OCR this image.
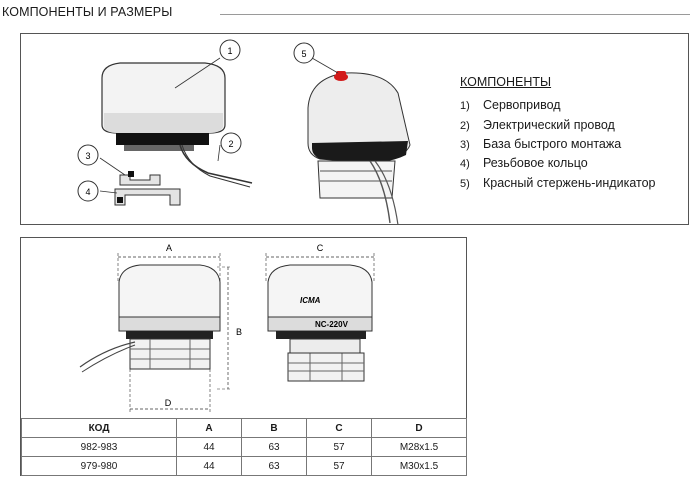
КОМПОНЕНТЫ И РАЗМЕРЫ
1
2
3
4
5
КОМПОНЕНТЫ
1) Сервопривод
2) Электрический провод
3) База быстрого монтажа
4) Резьбовое кольцо
5) Красный стержень-индикатор
A
B
D
ICMA
NC-220V
C
КОД	A	B	C	D
982-983	44	63	57	M28x1.5
979-980	44	63	57	M30x1.5
